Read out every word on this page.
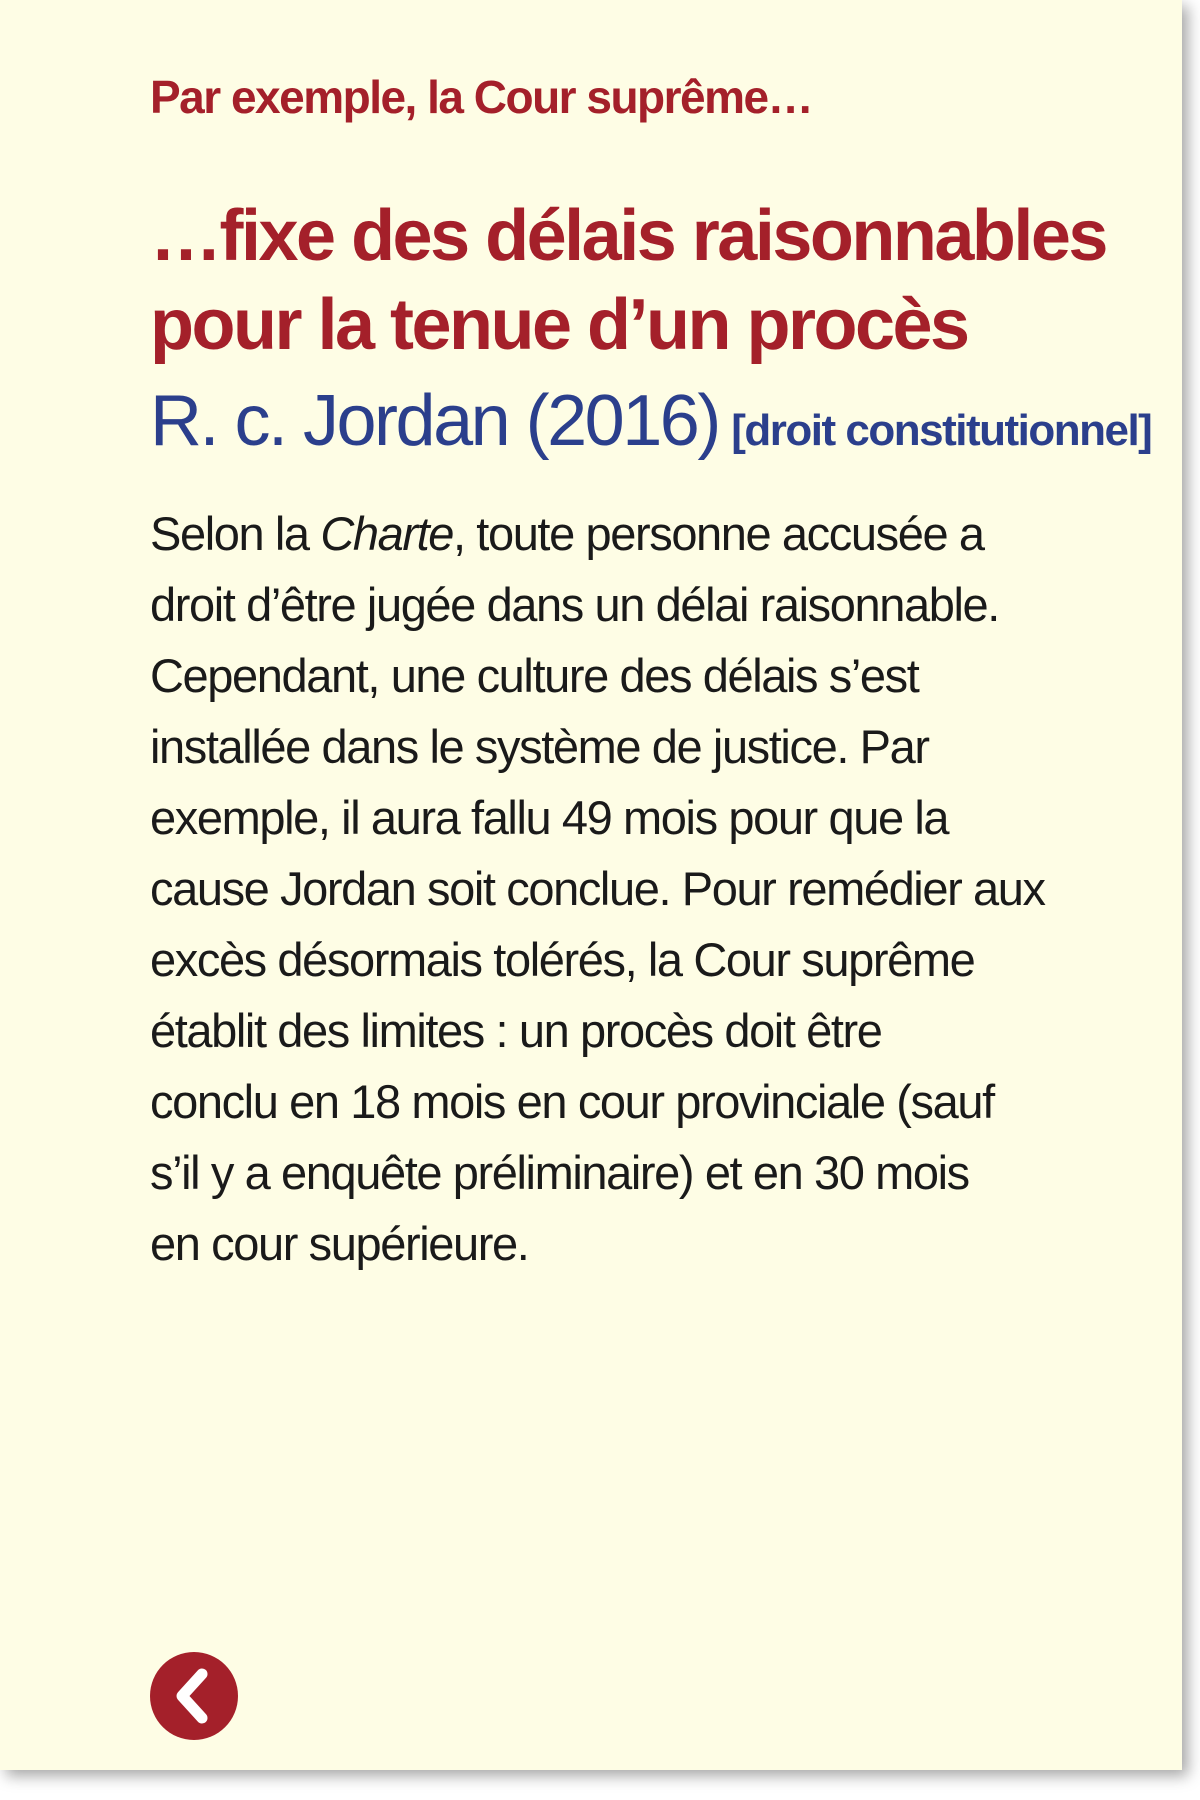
Par exemple, la Cour suprême…

…fixe des délais raisonnables
pour la tenue d’un procès

R. c. Jordan (2016) [droit constitutionnel]

Selon la Charte, toute personne accusée a
droit d’être jugée dans un délai raisonnable.
Cependant, une culture des délais s’est
installée dans le système de justice. Par
exemple, il aura fallu 49 mois pour que la
cause Jordan soit conclue. Pour remédier aux
excès désormais tolérés, la Cour suprême
établit des limites : un procès doit être
conclu en 18 mois en cour provinciale (sauf
s’il y a enquête préliminaire) et en 30 mois
en cour supérieure.
